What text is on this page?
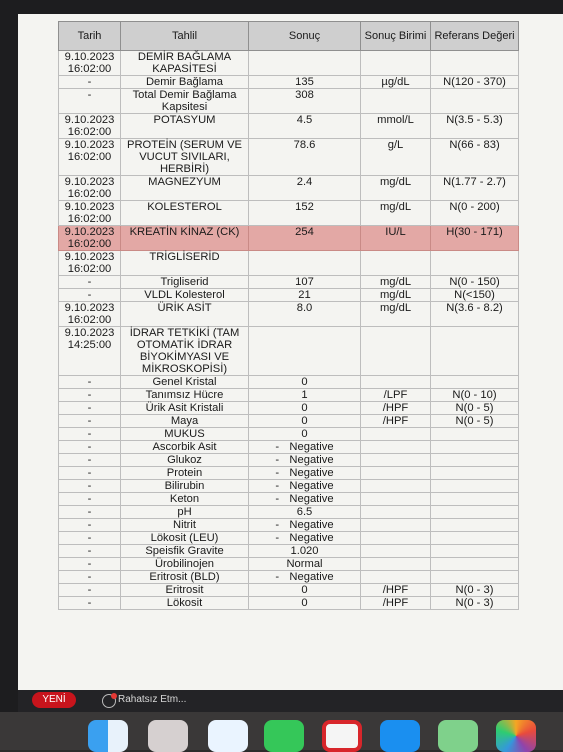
Tarih	Tahlil	Sonuç	Sonuç Birimi	Referans Değeri
9.10.2023 16:02:00	DEMİR BAĞLAMA KAPASİTESİ			
-	Demir Bağlama	135	µg/dL	N(120 - 370)
-	Total Demir Bağlama Kapsitesi	308		
9.10.2023 16:02:00	POTASYUM	4.5	mmol/L	N(3.5 - 5.3)
9.10.2023 16:02:00	PROTEİN (SERUM VE VUCUT SIVILARI, HERBİRİ)	78.6	g/L	N(66 - 83)
9.10.2023 16:02:00	MAGNEZYUM	2.4	mg/dL	N(1.77 - 2.7)
9.10.2023 16:02:00	KOLESTEROL	152	mg/dL	N(0 - 200)
9.10.2023 16:02:00	KREATİN KİNAZ (CK)	254	IU/L	H(30 - 171)
9.10.2023 16:02:00	TRİGLİSERİD			
-	Trigliserid	107	mg/dL	N(0 - 150)
-	VLDL Kolesterol	21	mg/dL	N(<150)
9.10.2023 16:02:00	ÜRİK ASİT	8.0	mg/dL	N(3.6 - 8.2)
9.10.2023 14:25:00	İDRAR TETKİKİ (TAM OTOMATİK İDRAR BİYOKİMYASI VE MİKROSKOPİSİ)			
-	Genel Kristal	0		
-	Tanımsız Hücre	1	/LPF	N(0 - 10)
-	Ürik Asit Kristali	0	/HPF	N(0 - 5)
-	Maya	0	/HPF	N(0 - 5)
-	MUKUS	0		
-	Ascorbik Asit	- Negative		
-	Glukoz	- Negative		
-	Protein	- Negative		
-	Bilirubin	- Negative		
-	Keton	- Negative		
-	pH	6.5		
-	Nitrit	- Negative		
-	Lökosit (LEU)	- Negative		
-	Speisfik Gravite	1.020		
-	Ürobilinojen	Normal		
-	Eritrosit (BLD)	- Negative		
-	Eritrosit	0	/HPF	N(0 - 3)
-	Lökosit	0	/HPF	N(0 - 3)
YENİ	Rahatsız Etm...
